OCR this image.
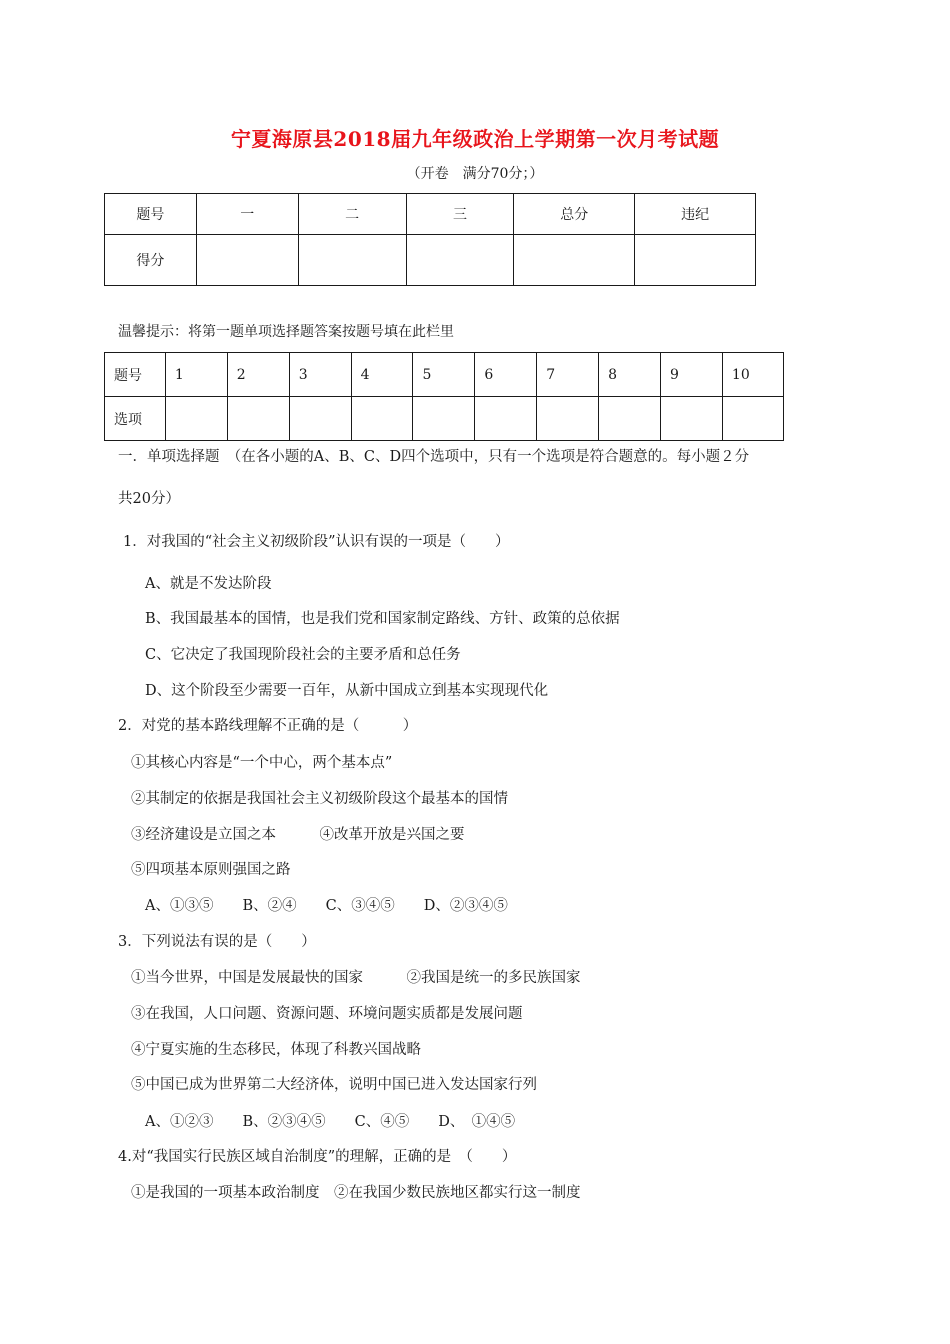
宁夏海原县2018届九年级政治上学期第一次月考试题
（开卷　满分70分；）
题号	一	二	三	总分	违纪
得分					
温馨提示：将第一题单项选择题答案按题号填在此栏里
题号	1	2	3	4	5	6	7	8	9	10
选项										
一．单项选择题　（在各小题的A、B、C、D四个选项中，只有一个选项是符合题意的。每小题２分
共20分）
1．对我国的“社会主义初级阶段”认识有误的一项是（　　）
A、就是不发达阶段
B、我国最基本的国情，也是我们党和国家制定路线、方针、政策的总依据
C、它决定了我国现阶段社会的主要矛盾和总任务
D、这个阶段至少需要一百年，从新中国成立到基本实现现代化
2．对党的基本路线理解不正确的是（　　　）
①其核心内容是“一个中心，两个基本点”
②其制定的依据是我国社会主义初级阶段这个最基本的国情
③经济建设是立国之本　　　④改革开放是兴国之要
⑤四项基本原则强国之路
A、①③⑤　　B、②④　　C、③④⑤　　D、②③④⑤
3．下列说法有误的是（　　）
①当今世界，中国是发展最快的国家　　　②我国是统一的多民族国家
③在我国，人口问题、资源问题、环境问题实质都是发展问题
④宁夏实施的生态移民，体现了科教兴国战略
⑤中国已成为世界第二大经济体，说明中国已进入发达国家行列
A、①②③　　B、②③④⑤　　C、④⑤　　D、　①④⑤
4.对“我国实行民族区域自治制度”的理解，正确的是　（　　）
①是我国的一项基本政治制度　②在我国少数民族地区都实行这一制度
